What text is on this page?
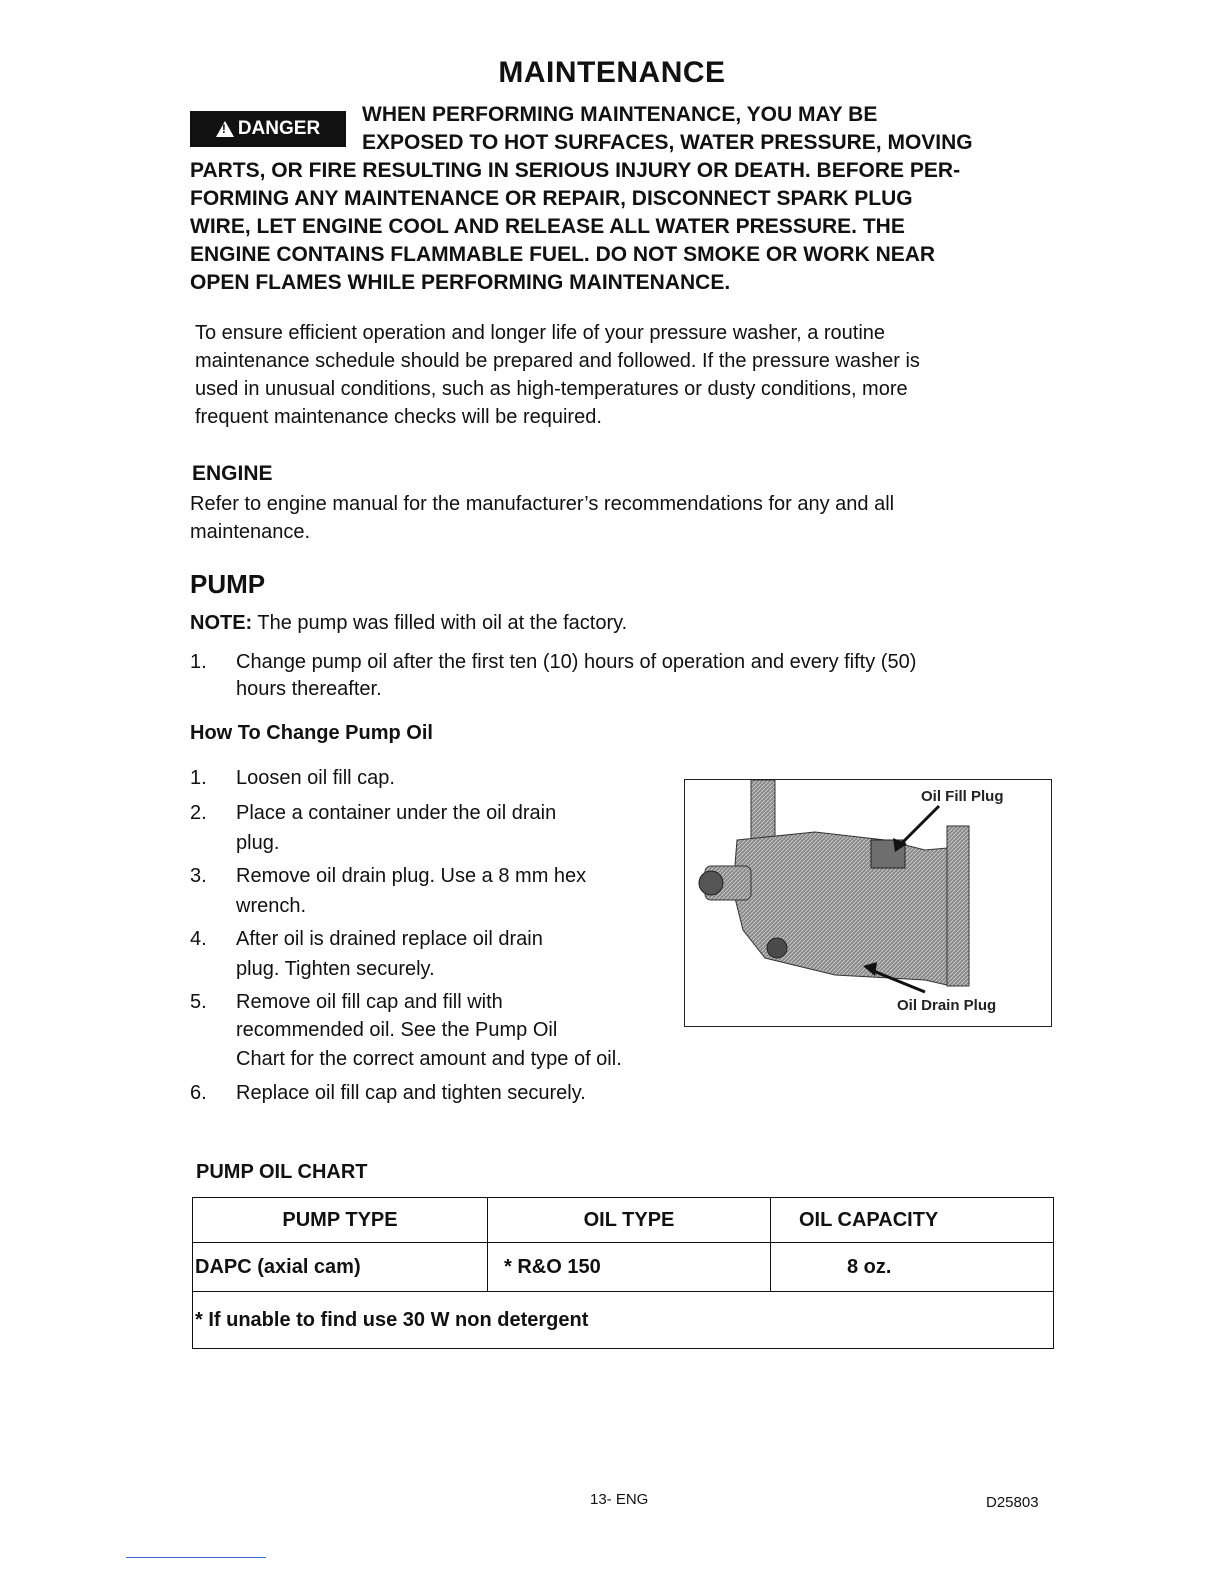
MAINTENANCE
!
DANGER
WHEN PERFORMING MAINTENANCE, YOU MAY BE
EXPOSED TO HOT SURFACES, WATER PRESSURE, MOVING
PARTS, OR FIRE RESULTING IN SERIOUS INJURY OR DEATH. BEFORE PER-
FORMING ANY MAINTENANCE OR REPAIR, DISCONNECT SPARK PLUG
WIRE, LET ENGINE COOL AND RELEASE ALL WATER PRESSURE. THE
ENGINE CONTAINS FLAMMABLE FUEL. DO NOT SMOKE OR WORK NEAR
OPEN FLAMES WHILE PERFORMING MAINTENANCE.
To ensure efficient operation and longer life of your pressure washer, a routine
maintenance schedule should be prepared and followed. If the pressure washer is
used in unusual conditions, such as high-temperatures or dusty conditions, more
frequent maintenance checks will be required.
ENGINE
Refer to engine manual for the manufacturer’s recommendations for any and all
maintenance.
PUMP
NOTE: The pump was filled with oil at the factory.
1. Change pump oil after the first ten (10) hours of operation and every fifty (50)
hours thereafter.
How To Change Pump Oil
1. Loosen oil fill cap.
2. Place a container under the oil drain
plug.
3. Remove oil drain plug. Use a 8 mm hex
wrench.
4. After oil is drained replace oil drain
plug. Tighten securely.
5. Remove oil fill cap and fill with
recommended oil. See the Pump Oil
Chart for the correct amount and type of oil.
6. Replace oil fill cap and tighten securely.
Oil Fill Plug
Oil Drain Plug
PUMP OIL CHART
PUMP TYPE	OIL TYPE	OIL CAPACITY
DAPC (axial cam)	* R&O 150	8 oz.
* If unable to find use 30 W non detergent		
13- ENG	D25803
